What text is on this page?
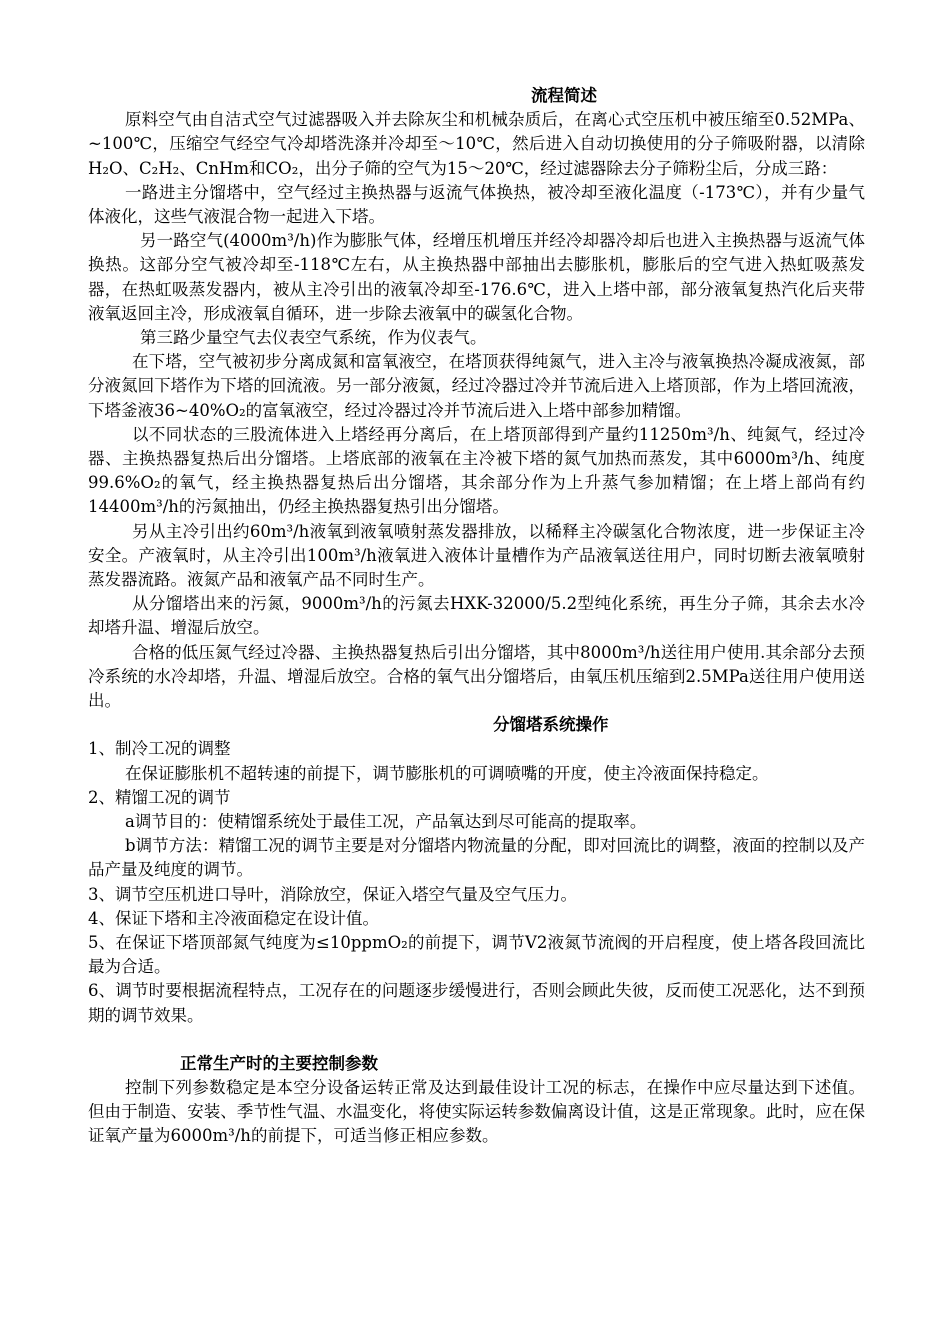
流程简述

原料空气由自洁式空气过滤器吸入并去除灰尘和机械杂质后，在离心式空压机中被压缩至0.52MPa、~100℃，压缩空气经空气冷却塔洗涤并冷却至～10℃，然后进入自动切换使用的分子筛吸附器，以清除H₂O、C₂H₂、CnHm和CO₂，出分子筛的空气为15～20℃，经过滤器除去分子筛粉尘后，分成三路：

一路进主分馏塔中，空气经过主换热器与返流气体换热，被冷却至液化温度（-173℃），并有少量气体液化，这些气液混合物一起进入下塔。

另一路空气(4000m³/h)作为膨胀气体，经增压机增压并经冷却器冷却后也进入主换热器与返流气体换热。这部分空气被冷却至-118℃左右，从主换热器中部抽出去膨胀机，膨胀后的空气进入热虹吸蒸发器，在热虹吸蒸发器内，被从主冷引出的液氧冷却至-176.6℃，进入上塔中部，部分液氧复热汽化后夹带液氧返回主冷，形成液氧自循环，进一步除去液氧中的碳氢化合物。

第三路少量空气去仪表空气系统，作为仪表气。

在下塔，空气被初步分离成氮和富氧液空，在塔顶获得纯氮气，进入主冷与液氧换热冷凝成液氮，部分液氮回下塔作为下塔的回流液。另一部分液氮，经过冷器过冷并节流后进入上塔顶部，作为上塔回流液，下塔釜液36~40%O₂的富氧液空，经过冷器过冷并节流后进入上塔中部参加精馏。

以不同状态的三股流体进入上塔经再分离后，在上塔顶部得到产量约11250m³/h、纯氮气，经过冷器、主换热器复热后出分馏塔。上塔底部的液氧在主冷被下塔的氮气加热而蒸发，其中6000m³/h、纯度99.6%O₂的氧气，经主换热器复热后出分馏塔，其余部分作为上升蒸气参加精馏；在上塔上部尚有约14400m³/h的污氮抽出，仍经主换热器复热引出分馏塔。

另从主冷引出约60m³/h液氧到液氧喷射蒸发器排放，以稀释主冷碳氢化合物浓度，进一步保证主冷安全。产液氧时，从主冷引出100m³/h液氧进入液体计量槽作为产品液氧送往用户，同时切断去液氧喷射蒸发器流路。液氮产品和液氧产品不同时生产。

从分馏塔出来的污氮，9000m³/h的污氮去HXK-32000/5.2型纯化系统，再生分子筛，其余去水冷却塔升温、增湿后放空。

合格的低压氮气经过冷器、主换热器复热后引出分馏塔，其中8000m³/h送往用户使用.其余部分去预冷系统的水冷却塔，升温、增湿后放空。合格的氧气出分馏塔后，由氧压机压缩到2.5MPa送往用户使用送出。

分馏塔系统操作

1、制冷工况的调整

在保证膨胀机不超转速的前提下，调节膨胀机的可调喷嘴的开度，使主冷液面保持稳定。

2、精馏工况的调节

a调节目的：使精馏系统处于最佳工况，产品氧达到尽可能高的提取率。

b调节方法：精馏工况的调节主要是对分馏塔内物流量的分配，即对回流比的调整，液面的控制以及产品产量及纯度的调节。

3、调节空压机进口导叶，消除放空，保证入塔空气量及空气压力。

4、保证下塔和主冷液面稳定在设计值。

5、在保证下塔顶部氮气纯度为≤10ppmO₂的前提下，调节V2液氮节流阀的开启程度，使上塔各段回流比最为合适。

6、调节时要根据流程特点，工况存在的问题逐步缓慢进行，否则会顾此失彼，反而使工况恶化，达不到预期的调节效果。

正常生产时的主要控制参数

控制下列参数稳定是本空分设备运转正常及达到最佳设计工况的标志，在操作中应尽量达到下述值。但由于制造、安装、季节性气温、水温变化，将使实际运转参数偏离设计值，这是正常现象。此时，应在保证氧产量为6000m³/h的前提下，可适当修正相应参数。
